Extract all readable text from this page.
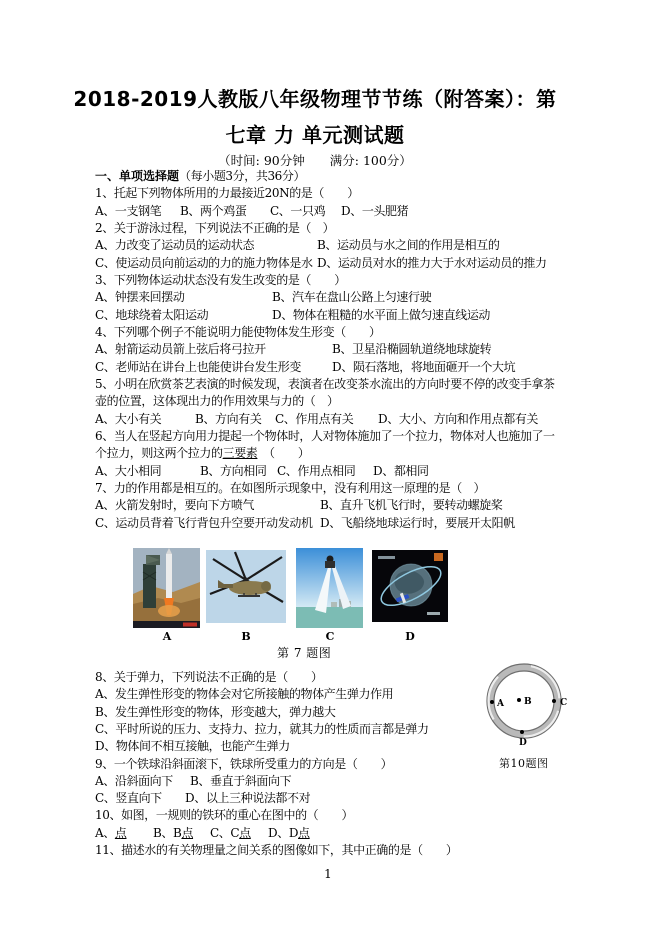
2018-2019人教版八年级物理节节练（附答案）：第
七章 力 单元测试题
（时间: 90分钟　　满分: 100分）
一、单项选择题（每小题3分，共36分）
1、托起下列物体所用的力最接近20N的是（　　）
A、一支钢笔 B、两个鸡蛋 C、一只鸡 D、一头肥猪
2、关于游泳过程，下列说法不正确的是（　）
A、力改变了运动员的运动状态	B、运动员与水之间的作用是相互的
C、使运动员向前运动的力的施力物体是水 D、运动员对水的推力大于水对运动员的推力
3、下列物体运动状态没有发生改变的是（　　）
A、钟摆来回摆动	B、汽车在盘山公路上匀速行驶
C、地球绕着太阳运动	D、物体在粗糙的水平面上做匀速直线运动
4、下列哪个例子不能说明力能使物体发生形变（　　）
A、射箭运动员箭上弦后将弓拉开	B、卫星沿椭圆轨道绕地球旋转
C、老师站在讲台上也能使讲台发生形变	D、陨石落地，将地面砸开一个大坑
5、小明在欣赏茶艺表演的时候发现，表演者在改变茶水流出的方向时要不停的改变手拿茶
壶的位置，这体现出力的作用效果与力的（　）
A、大小有关	B、方向有关 C、作用点有关 D、大小、方向和作用点都有关
6、当人在竖起方向用力提起一个物体时，人对物体施加了一个拉力，物体对人也施加了一
个拉力，则这两个拉力的三要素　（　　）
A、大小相同	B、方向相同 C、作用点相同 D、都相同
7、力的作用都是相互的。在如图所示现象中，没有利用这一原理的是（　）
A、火箭发射时，要向下方喷气	B、直升飞机飞行时，要转动螺旋桨
C、运动员背着飞行背包升空要开动发动机 D、飞船绕地球运行时，要展开太阳帆
8、关于弹力，下列说法不正确的是（　　）
A、发生弹性形变的物体会对它所接触的物体产生弹力作用
B、发生弹性形变的物体，形变越大，弹力越大
C、平时所说的压力、支持力、拉力，就其力的性质而言都是弹力
D、物体间不相互接触，也能产生弹力
9、一个铁球沿斜面滚下，铁球所受重力的方向是（　　）
A、沿斜面向下 B、垂直于斜面向下
C、竖直向下 D、以上三种说法都不对
10、如图，一规则的铁环的重心在图中的（　　）
A、点 B、B点 C、C点 D、D点
11、描述水的有关物理量之间关系的图像如下，其中正确的是（　　）
A	B	C	D
第 7 题图
A B	C
D
第10题图
1
